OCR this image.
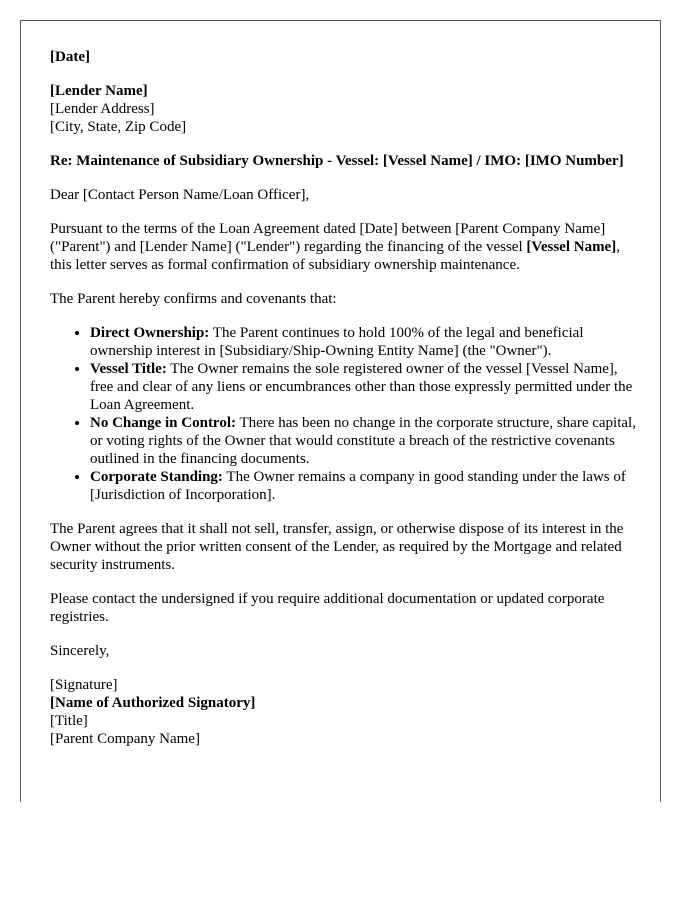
[Date]

[Lender Name]

[Lender Address]

[City, State, Zip Code]

Re: Maintenance of Subsidiary Ownership - Vessel: [Vessel Name] / IMO: [IMO Number]

Dear [Contact Person Name/Loan Officer],

Pursuant to the terms of the Loan Agreement dated [Date] between [Parent Company Name] ("Parent") and [Lender Name] ("Lender") regarding the financing of the vessel [Vessel Name], this letter serves as formal confirmation of subsidiary ownership maintenance.

The Parent hereby confirms and covenants that:

• Direct Ownership: The Parent continues to hold 100% of the legal and beneficial ownership interest in [Subsidiary/Ship-Owning Entity Name] (the "Owner").
• Vessel Title: The Owner remains the sole registered owner of the vessel [Vessel Name], free and clear of any liens or encumbrances other than those expressly permitted under the Loan Agreement.
• No Change in Control: There has been no change in the corporate structure, share capital, or voting rights of the Owner that would constitute a breach of the restrictive covenants outlined in the financing documents.
• Corporate Standing: The Owner remains a company in good standing under the laws of [Jurisdiction of Incorporation].

The Parent agrees that it shall not sell, transfer, assign, or otherwise dispose of its interest in the Owner without the prior written consent of the Lender, as required by the Mortgage and related security instruments.

Please contact the undersigned if you require additional documentation or updated corporate registries.

Sincerely,

[Signature]

[Name of Authorized Signatory]

[Title]

[Parent Company Name]
